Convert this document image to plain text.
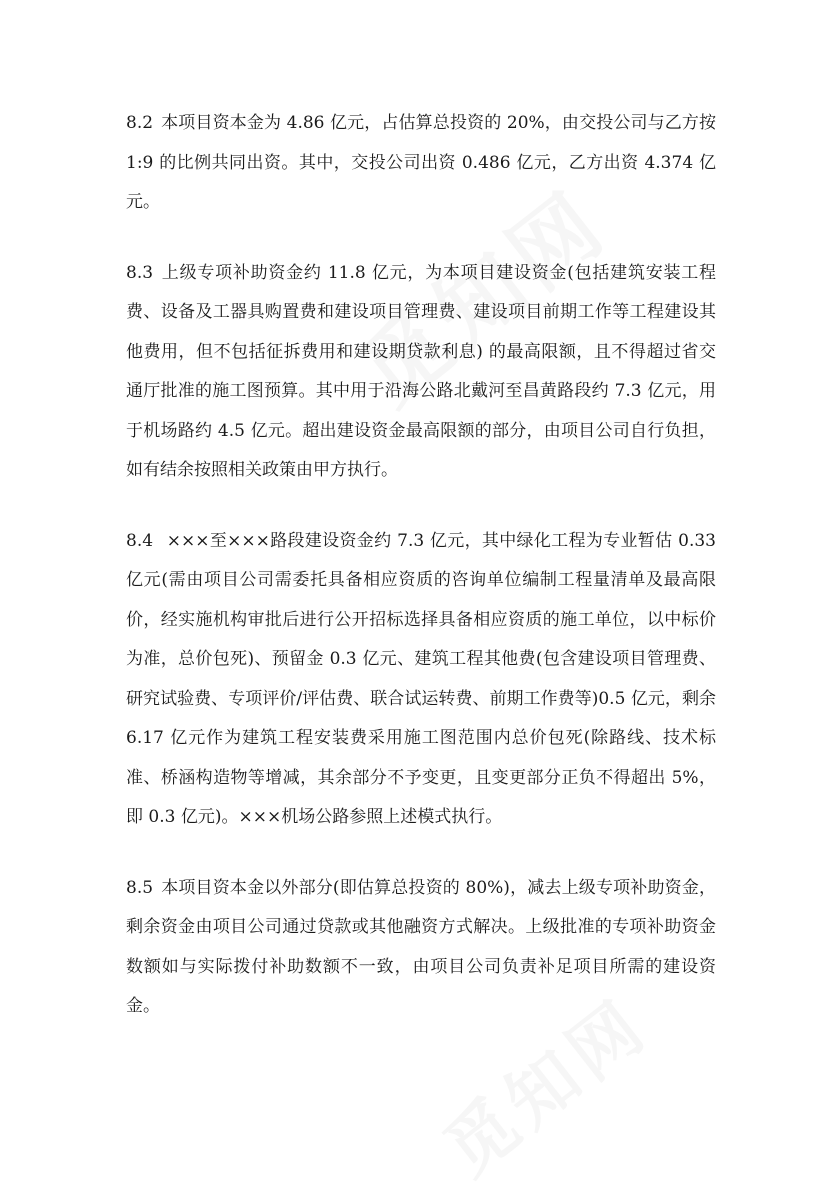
8.2 本项目资本金为 4.86 亿元，占估算总投资的 20%，由交投公司与乙方按 1:9 的比例共同出资。其中，交投公司出资 0.486 亿元，乙方出资 4.374 亿元。

8.3 上级专项补助资金约 11.8 亿元，为本项目建设资金(包括建筑安装工程费、设备及工器具购置费和建设项目管理费、建设项目前期工作等工程建设其他费用，但不包括征拆费用和建设期贷款利息) 的最高限额，且不得超过省交通厅批准的施工图预算。其中用于沿海公路北戴河至昌黄路段约 7.3 亿元，用于机场路约 4.5 亿元。超出建设资金最高限额的部分，由项目公司自行负担，如有结余按照相关政策由甲方执行。

8.4 ×××至×××路段建设资金约 7.3 亿元，其中绿化工程为专业暂估 0.33 亿元(需由项目公司需委托具备相应资质的咨询单位编制工程量清单及最高限价，经实施机构审批后进行公开招标选择具备相应资质的施工单位，以中标价为准，总价包死)、预留金 0.3 亿元、建筑工程其他费(包含建设项目管理费、研究试验费、专项评价/评估费、联合试运转费、前期工作费等)0.5 亿元，剩余 6.17 亿元作为建筑工程安装费采用施工图范围内总价包死(除路线、技术标准、桥涵构造物等增减，其余部分不予变更，且变更部分正负不得超出 5%，即 0.3 亿元)。×××机场公路参照上述模式执行。

8.5 本项目资本金以外部分(即估算总投资的 80%)，减去上级专项补助资金，剩余资金由项目公司通过贷款或其他融资方式解决。上级批准的专项补助资金数额如与实际拨付补助数额不一致，由项目公司负责补足项目所需的建设资金。
